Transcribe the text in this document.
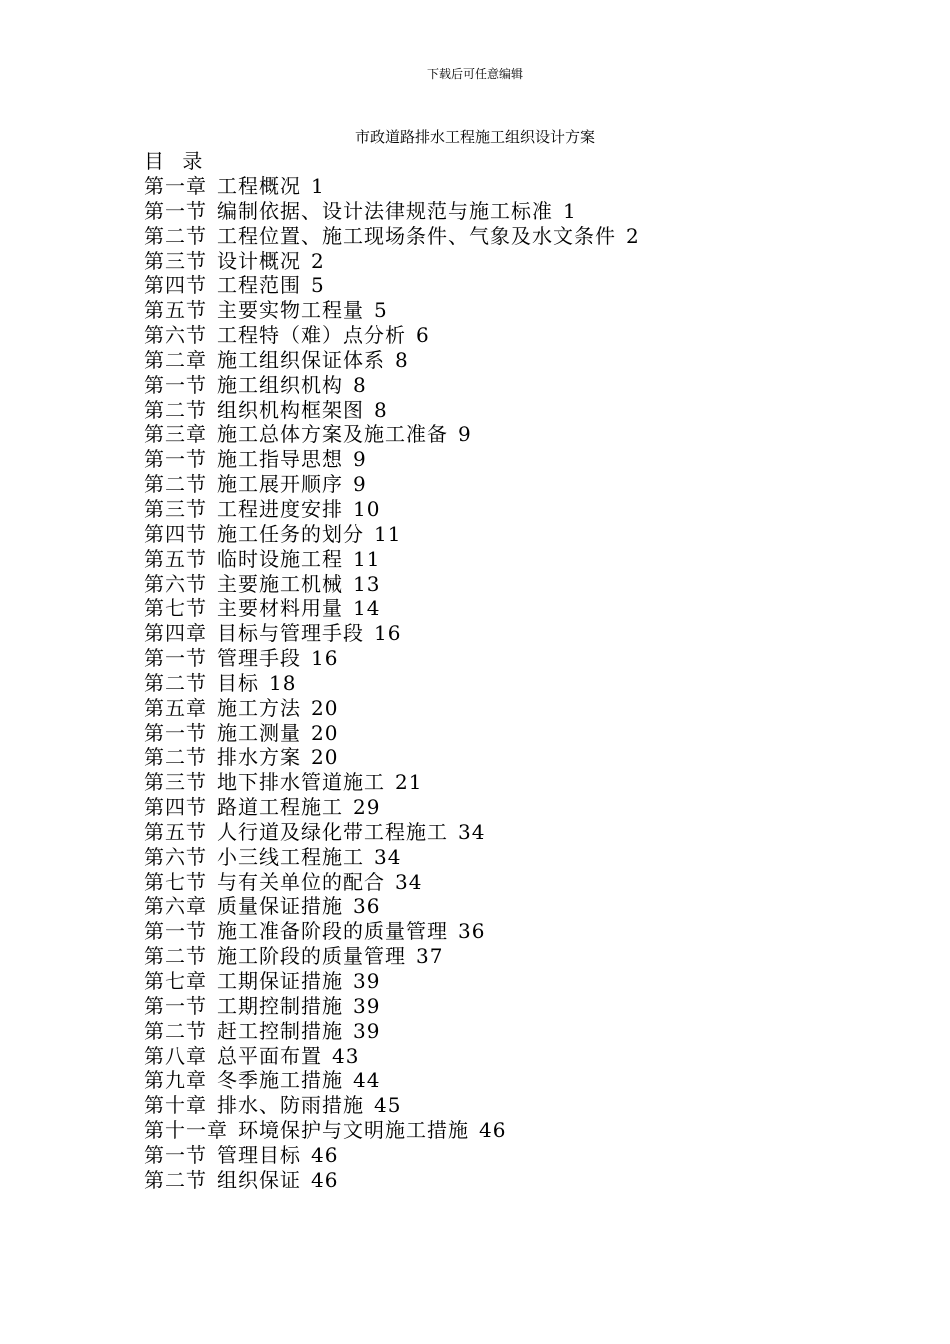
下载后可任意编辑
市政道路排水工程施工组织设计方案
目 录
第一章 工程概况 1
第一节 编制依据、设计法律规范与施工标准 1
第二节 工程位置、施工现场条件、气象及水文条件 2
第三节 设计概况 2
第四节 工程范围 5
第五节 主要实物工程量 5
第六节 工程特（难）点分析 6
第二章 施工组织保证体系 8
第一节 施工组织机构 8
第二节 组织机构框架图 8
第三章 施工总体方案及施工准备 9
第一节 施工指导思想 9
第二节 施工展开顺序 9
第三节 工程进度安排 10
第四节 施工任务的划分 11
第五节 临时设施工程 11
第六节 主要施工机械 13
第七节 主要材料用量 14
第四章 目标与管理手段 16
第一节 管理手段 16
第二节 目标 18
第五章 施工方法 20
第一节 施工测量 20
第二节 排水方案 20
第三节 地下排水管道施工 21
第四节 路道工程施工 29
第五节 人行道及绿化带工程施工 34
第六节 小三线工程施工 34
第七节 与有关单位的配合 34
第六章 质量保证措施 36
第一节 施工准备阶段的质量管理 36
第二节 施工阶段的质量管理 37
第七章 工期保证措施 39
第一节 工期控制措施 39
第二节 赶工控制措施 39
第八章 总平面布置 43
第九章 冬季施工措施 44
第十章 排水、防雨措施 45
第十一章 环境保护与文明施工措施 46
第一节 管理目标 46
第二节 组织保证 46
